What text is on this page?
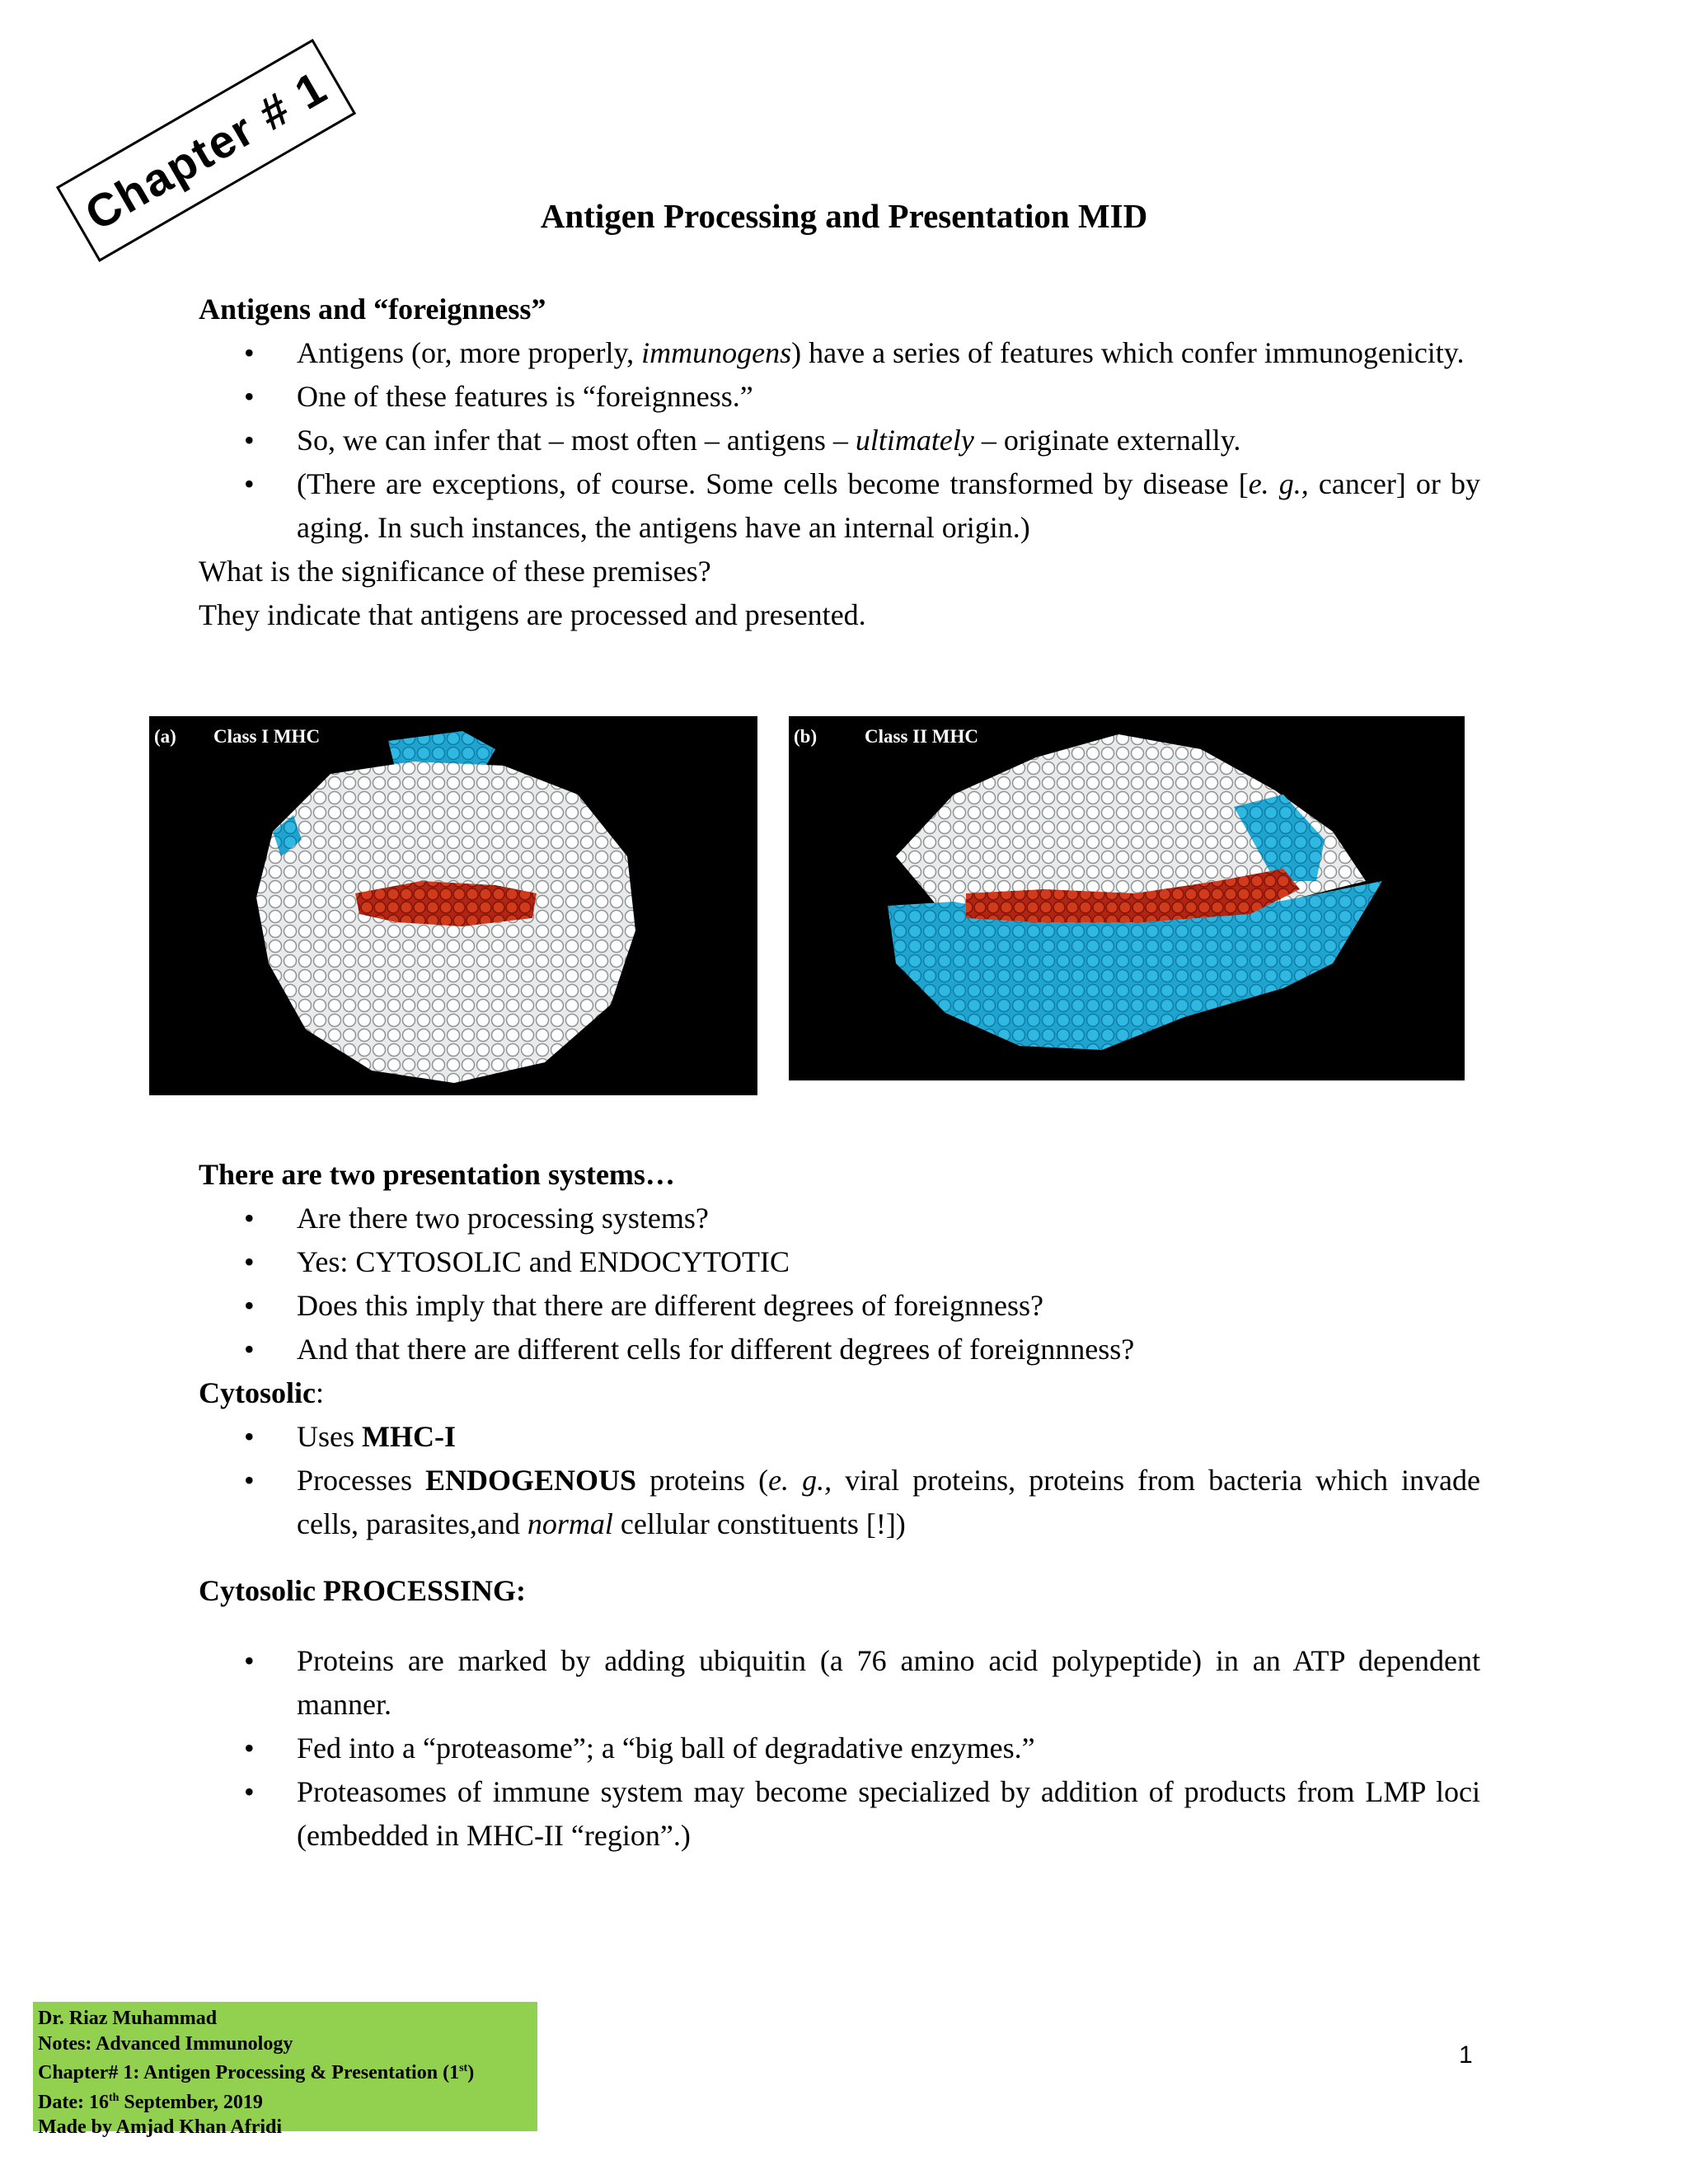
Chapter # 1	Antigen Processing and Presentation MID
Antigens and “foreignness”
• Antigens (or, more properly, immunogens) have a series of features which confer immunogenicity.
• One of these features is “foreignness.”
• So, we can infer that – most often – antigens – ultimately – originate externally.
• (There are exceptions, of course. Some cells become transformed by disease [e. g., cancer] or by aging. In such instances, the antigens have an internal origin.)
What is the significance of these premises?
They indicate that antigens are processed and presented.
(a) Class I MHC	(b)	Class II MHC
There are two presentation systems…
• Are there two processing systems?
• Yes: CYTOSOLIC and ENDOCYTOTIC
• Does this imply that there are different degrees of foreignness?
• And that there are different cells for different degrees of foreignnness?
Cytosolic:
• Uses MHC-I
• Processes ENDOGENOUS proteins (e. g., viral proteins, proteins from bacteria which invade cells, parasites,and normal cellular constituents [!])
Cytosolic PROCESSING:
• Proteins are marked by adding ubiquitin (a 76 amino acid polypeptide) in an ATP dependent manner.
• Fed into a “proteasome”; a “big ball of degradative enzymes.”
• Proteasomes of immune system may become specialized by addition of products from LMP loci (embedded in MHC-II “region”.)
Dr. Riaz Muhammad
Notes: Advanced Immunology
Chapter# 1: Antigen Processing & Presentation (1st)
Date: 16th September, 2019
Made by Amjad Khan Afridi
1
